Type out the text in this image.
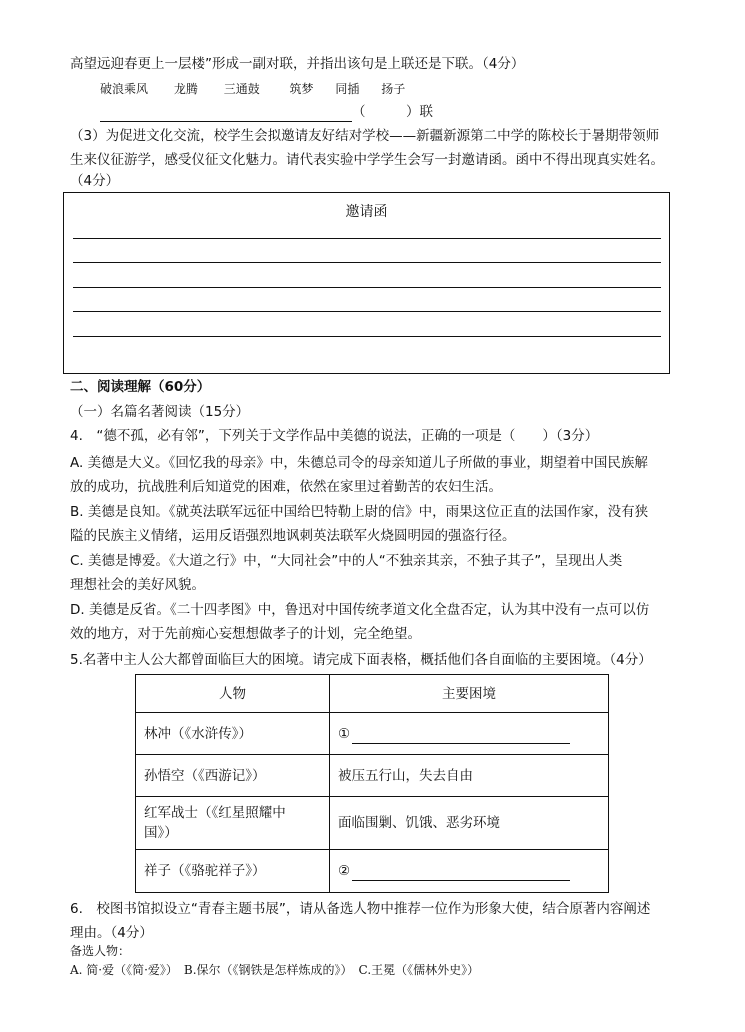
高望远迎春更上一层楼”形成一副对联，并指出该句是上联还是下联。（4分）
破浪乘风 龙腾 三通鼓 筑梦 同插 扬子
（　　　）联
（3）为促进文化交流，校学生会拟邀请友好结对学校——新疆新源第二中学的陈校长于暑期带领师
生来仪征游学，感受仪征文化魅力。请代表实验中学学生会写一封邀请函。函中不得出现真实姓名。
（4分）
邀请函
二、阅读理解（60分）
（一）名篇名著阅读（15分）
4.　“德不孤，必有邻”，下列关于文学作品中美德的说法，正确的一项是（　　）（3分）
A. 美德是大义。《回忆我的母亲》中，朱德总司令的母亲知道儿子所做的事业，期望着中国民族解
放的成功，抗战胜利后知道党的困难，依然在家里过着勤苦的农妇生活。
B. 美德是良知。《就英法联军远征中国给巴特勒上尉的信》中，雨果这位正直的法国作家，没有狭
隘的民族主义情绪，运用反语强烈地讽刺英法联军火烧圆明园的强盗行径。
C. 美德是博爱。《大道之行》中，“大同社会”中的人“不独亲其亲，不独子其子”，呈现出人类
理想社会的美好风貌。
D. 美德是反省。《二十四孝图》中，鲁迅对中国传统孝道文化全盘否定，认为其中没有一点可以仿
效的地方，对于先前痴心妄想想做孝子的计划，完全绝望。
5.名著中主人公大都曾面临巨大的困境。请完成下面表格，概括他们各自面临的主要困境。（4分）
人物	主要困境
林冲（《水浒传》）	①
孙悟空（《西游记》）	被压五行山，失去自由

红军战士（《红星照耀中
国》）	面临围剿、饥饿、恶劣环境
祥子（《骆驼祥子》）	②
6.　校图书馆拟设立“青春主题书展”，请从备选人物中推荐一位作为形象大使，结合原著内容阐述
理由。（4分）
备选人物：
A. 简·爱（《简·爱》）　B.保尔（《钢铁是怎样炼成的》）　C.王冕（《儒林外史》）
